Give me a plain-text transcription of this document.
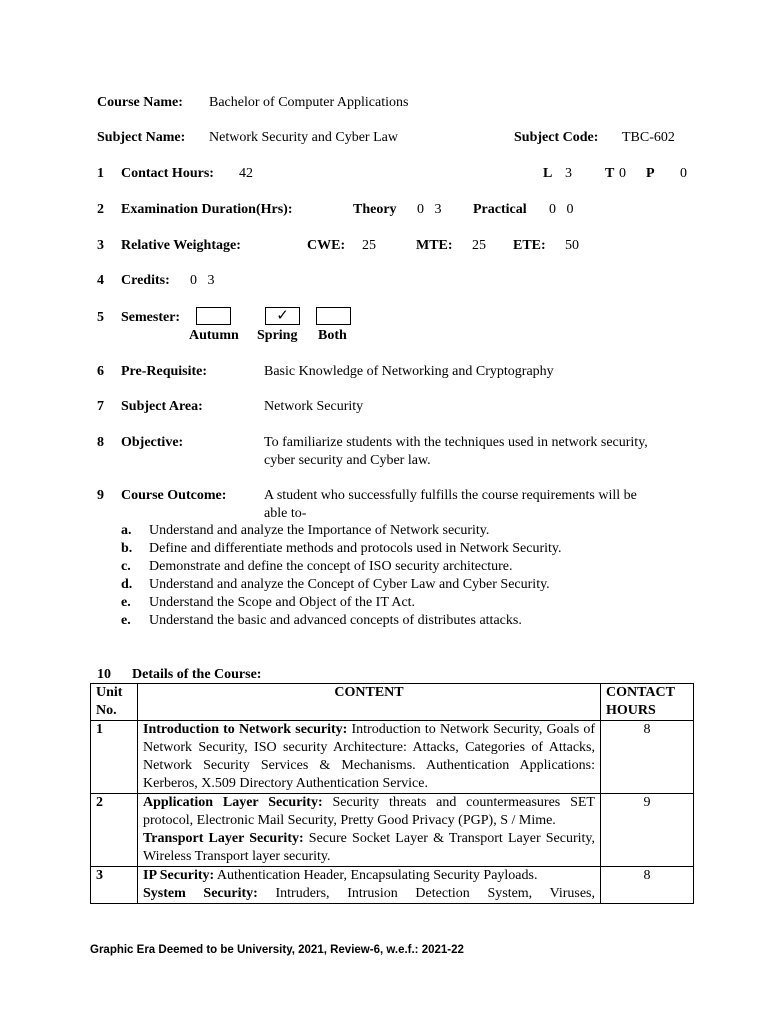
Course Name: Bachelor of Computer Applications
Subject Name: Network Security and Cyber Law	Subject Code: TBC-602
1 Contact Hours: 42	L 3 T 0 P 0
2 Examination Duration(Hrs):	Theory 0   3 Practical 0   0
3 Relative Weightage:	CWE: 25	MTE: 25 ETE: 50
4 Credits: 0   3
5 Semester:	✓
Autumn Spring Both
6 Pre-Requisite:	Basic Knowledge of Networking and Cryptography
7 Subject Area:	Network Security
8 Objective:	To familiarize students with the techniques used in network security,
cyber security and Cyber law.
9 Course Outcome:	A student who successfully fulfills the course requirements will be
able to-
a. Understand and analyze the Importance of Network security.
b. Define and differentiate methods and protocols used in Network Security.
c. Demonstrate and define the concept of ISO security architecture.
d. Understand and analyze the Concept of Cyber Law and Cyber Security.
e. Understand the Scope and Object of the IT Act.
e. Understand the basic and advanced concepts of distributes attacks.
10 Details of the Course:
Unit
No.	CONTENT	CONTACT
HOURS
1	Introduction to Network security: Introduction to Network Security, Goals of Network Security, ISO security Architecture: Attacks, Categories of Attacks, Network Security Services & Mechanisms. Authentication Applications: Kerberos, X.509 Directory Authentication Service.	8
2	Application Layer Security: Security threats and countermeasures SET protocol, Electronic Mail Security, Pretty Good Privacy (PGP), S / Mime.
Transport Layer Security: Secure Socket Layer & Transport Layer Security, Wireless Transport layer security.	9
3	IP Security: Authentication Header, Encapsulating Security Payloads.
System Security: Intruders, Intrusion Detection System, Viruses,	8
Graphic Era Deemed to be University, 2021, Review-6, w.e.f.: 2021-22
